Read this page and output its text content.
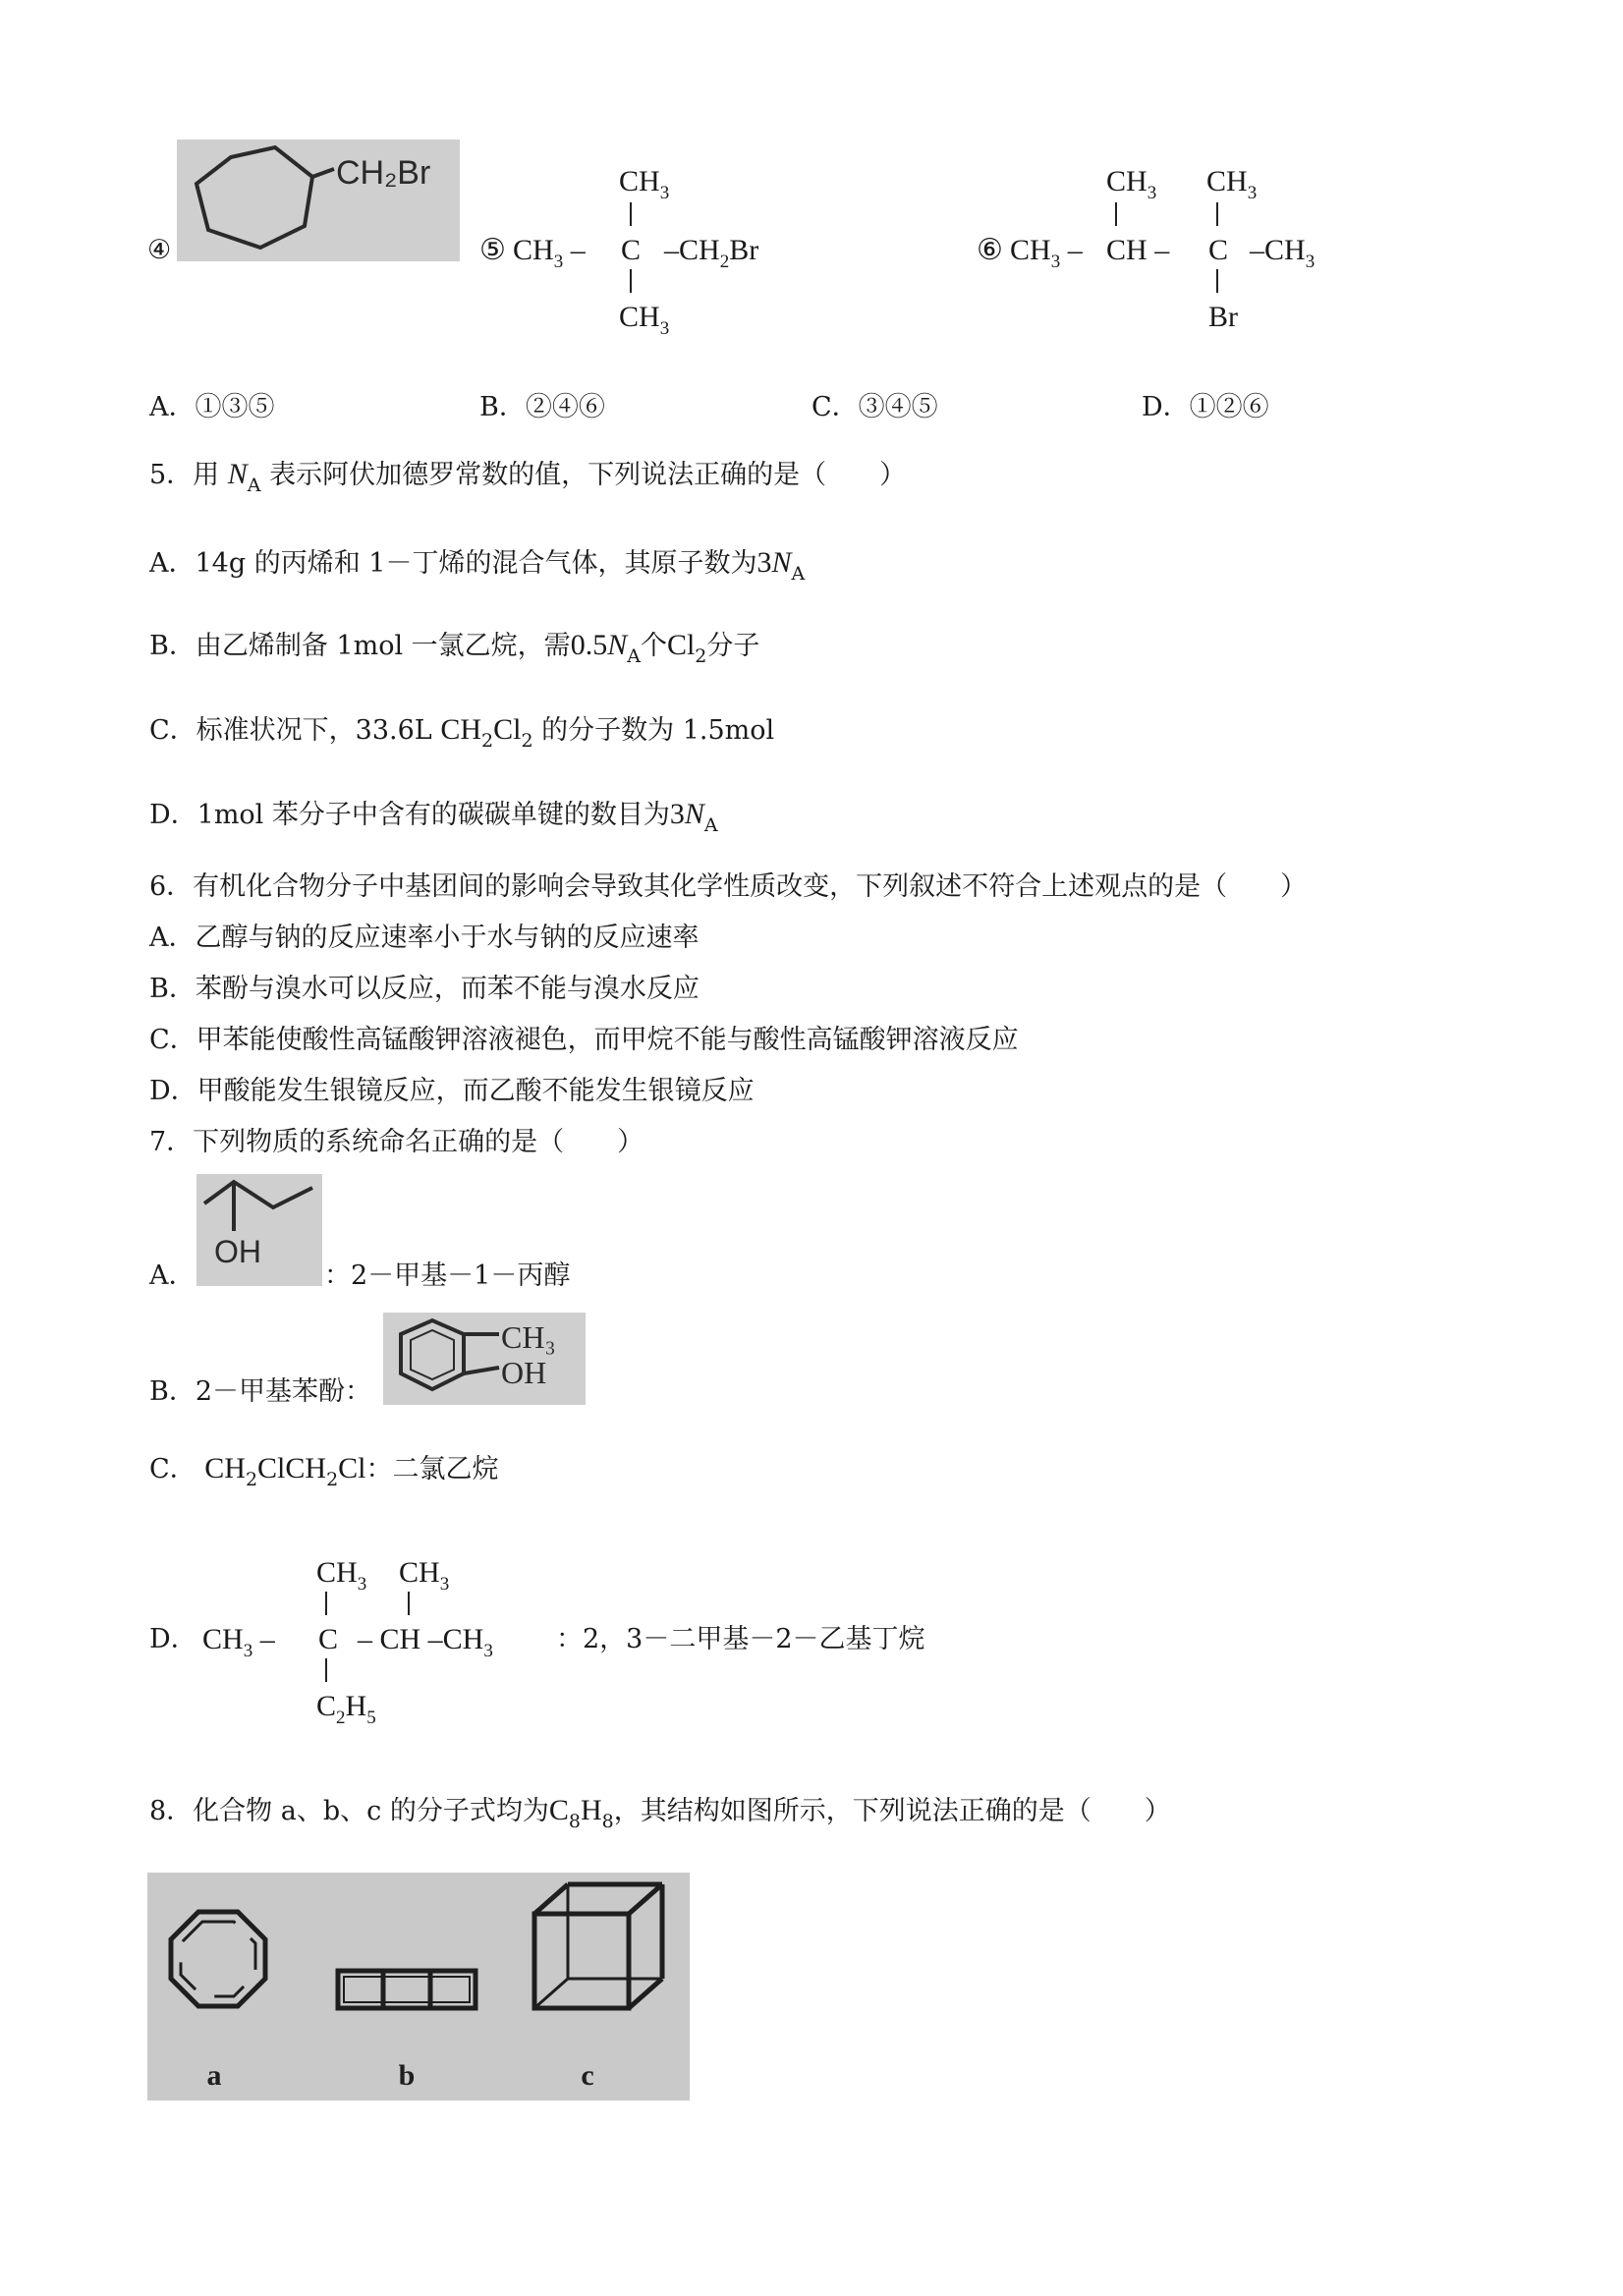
④
CH₂Br
⑤
$CH_3$
$CH_3$ – C $-CH_2Br$
$CH_3$
⑥
$CH_3$ $CH_3$
$CH_3$ – CH – C $-CH_3$
Br
A．①③⑤	B．②④⑥	C．③④⑤	D．①②⑥
5．用 $N_A$ 表示阿伏加德罗常数的值，下列说法正确的是（　　）
A．14g 的丙烯和 1－丁烯的混合气体，其原子数为$3N_A$
B．由乙烯制备 1mol 一氯乙烷，需$0.5N_A$个$Cl_2$分子
C．标准状况下，33.6L $CH_2Cl_2$ 的分子数为 1.5mol
D．1mol 苯分子中含有的碳碳单键的数目为$3N_A$
6．有机化合物分子中基团间的影响会导致其化学性质改变，下列叙述不符合上述观点的是（　　）
A．乙醇与钠的反应速率小于水与钠的反应速率
B．苯酚与溴水可以反应，而苯不能与溴水反应
C．甲苯能使酸性高锰酸钾溶液褪色，而甲烷不能与酸性高锰酸钾溶液反应
D．甲酸能发生银镜反应，而乙酸不能发生银镜反应
7．下列物质的系统命名正确的是（　　）
A．
OH
：2－甲基－1－丙醇
B．2－甲基苯酚：
CH₃
OH
C． $CH_2ClCH_2Cl$：二氯乙烷
$CH_3$ $CH_3$
D． $CH_3$ – C – CH $-CH_3$ ：2，3－二甲基－2－乙基丁烷
$C_2H_5$
8．化合物 a、b、c 的分子式均为$C_8H_8$，其结构如图所示，下列说法正确的是（　　）
a	b	c
